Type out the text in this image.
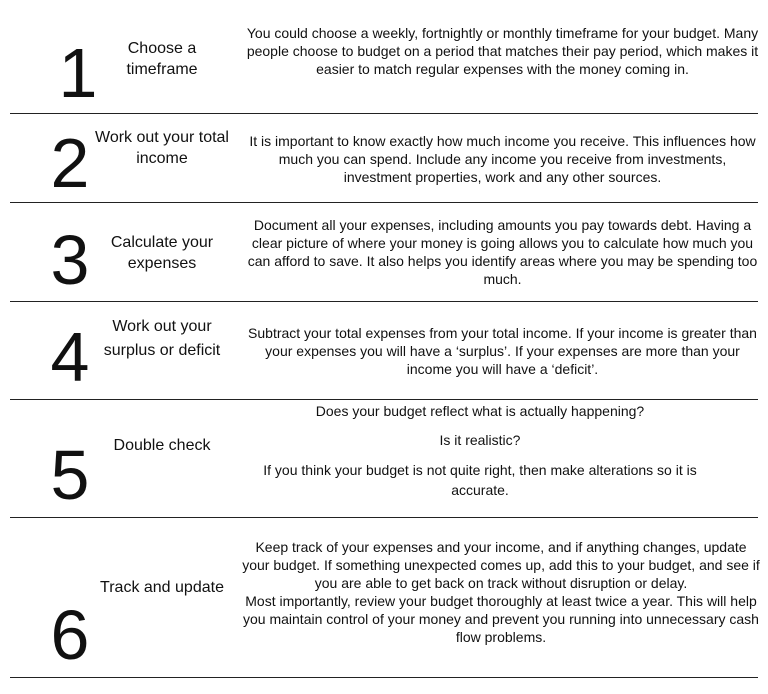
1	Choose a timeframe
You could choose a weekly, fortnightly or monthly timeframe for your budget. Many people choose to budget on a period that matches their pay period, which makes it easier to match regular expenses with the money coming in.
2 Work out your total income
It is important to know exactly how much income you receive. This influences how much you can spend. Include any income you receive from investments, investment properties, work and any other sources.
3	Calculate your expenses
Document all your expenses, including amounts you pay towards debt. Having a clear picture of where your money is going allows you to calculate how much you can afford to save. It also helps you identify areas where you may be spending too much.
4	Work out your surplus or deficit
Subtract your total expenses from your total income. If your income is greater than your expenses you will have a ‘surplus’. If your expenses are more than your income you will have a ‘deficit’.
5	Double check

Does your budget reflect what is actually happening?

Is it realistic?

If you think your budget is not quite right, then make alterations so it is accurate.

6
Track and update

Keep track of your expenses and your income, and if anything changes, update your budget. If something unexpected comes up, add this to your budget, and see if you are able to get back on track without disruption or delay.

Most importantly, review your budget thoroughly at least twice a year. This will help you maintain control of your money and prevent you running into unnecessary cash flow problems.
